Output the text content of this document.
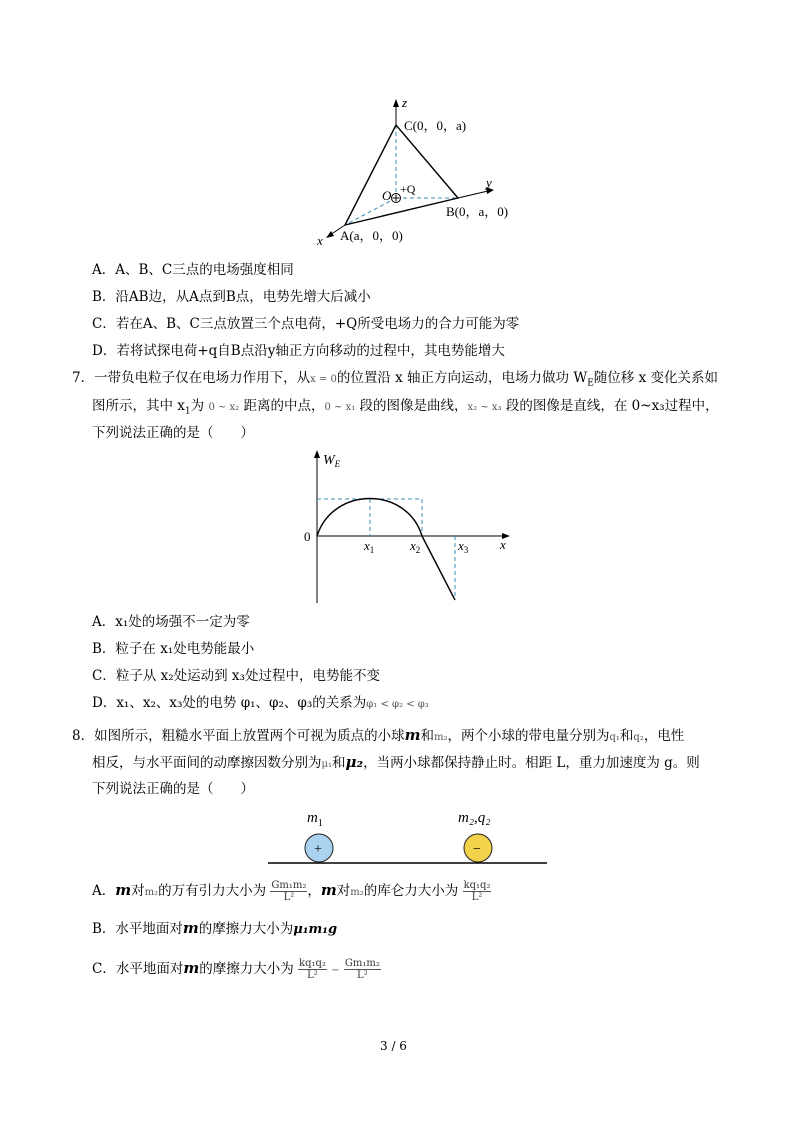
z
C(0，0，a)
y
O +Q
B(0，a，0)
A(a，0，0)
x
A．A、B、C三点的电场强度相同
B．沿AB边，从A点到B点，电势先增大后减小
C．若在A、B、C三点放置三个点电荷，+Q所受电场力的合力可能为零
D．若将试探电荷+q自B点沿y轴正方向移动的过程中，其电势能增大
7．一带负电粒子仅在电场力作用下，从x = 0的位置沿 x 轴正方向运动，电场力做功 $W_E$随位移 x 变化关系如
图所示，其中 $x_1$为 0 ~ x₂ 距离的中点，0 ~ x₁ 段的图像是曲线，x₂ ~ x₃ 段的图像是直线，在 0~x₃过程中，
下列说法正确的是（　　）
$W_E$
0
$x_1$	$x_2$	$x_3$ x
A．x₁处的场强不一定为零
B．粒子在 x₁处电势能最小
C．粒子从 x₂处运动到 x₃处过程中，电势能不变
D．x₁、x₂、x₃处的电势 φ₁、φ₂、φ₃的关系为φ₁ < φ₂ < φ₃
8．如图所示，粗糙水平面上放置两个可视为质点的小球m和m₂，两个小球的带电量分别为q₁和q₂，电性
相反，与水平面间的动摩擦因数分别为μ₁和μ₂，当两小球都保持静止时。相距 L，重力加速度为 g。则
下列说法正确的是（　　）
$m_1$	m₂,q₂
+	−
A．m对m₂的万有引力大小为 $\frac{\text{Gm₁m₂}}{\text{L²}}$ ，m对m₂的库仑力大小为 $\frac{\text{kq₁q₂}}{\text{L²}}$
B．水平地面对m的摩擦力大小为μ₁m₁g
C．水平地面对m的摩擦力大小为 $\frac{\text{kq₁q₂}}{\text{L²}} - \frac{\text{Gm₁m₂}}{\text{L²}}$
3 / 6
